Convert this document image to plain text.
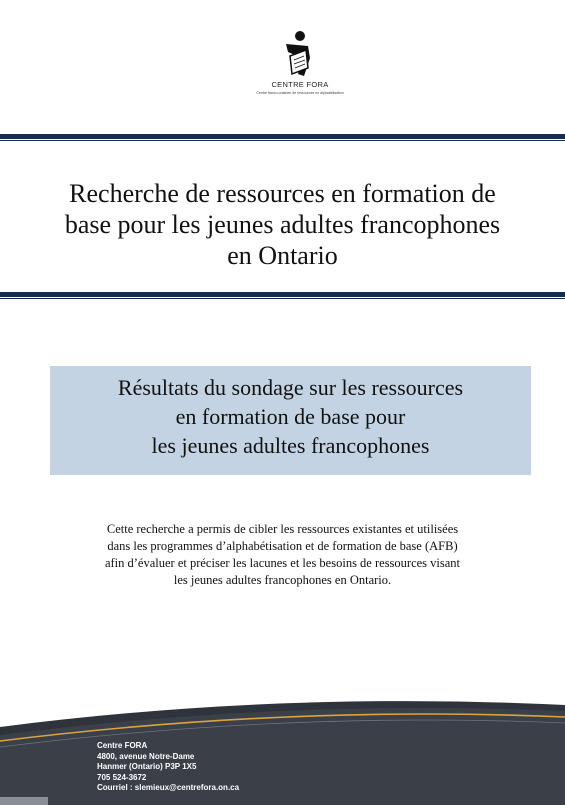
CENTRE FORA
Centre franco-ontarien de ressources en alphabétisation
Recherche de ressources en formation de
base pour les jeunes adultes francophones
en Ontario
Résultats du sondage sur les ressources
en formation de base pour
les jeunes adultes francophones
Cette recherche a permis de cibler les ressources existantes et utilisées
dans les programmes d’alphabétisation et de formation de base (AFB)
afin d’évaluer et préciser les lacunes et les besoins de ressources visant
les jeunes adultes francophones en Ontario.
Centre FORA
4800, avenue Notre-Dame
Hanmer (Ontario) P3P 1X5
705 524-3672
Courriel : slemieux@centrefora.on.ca
